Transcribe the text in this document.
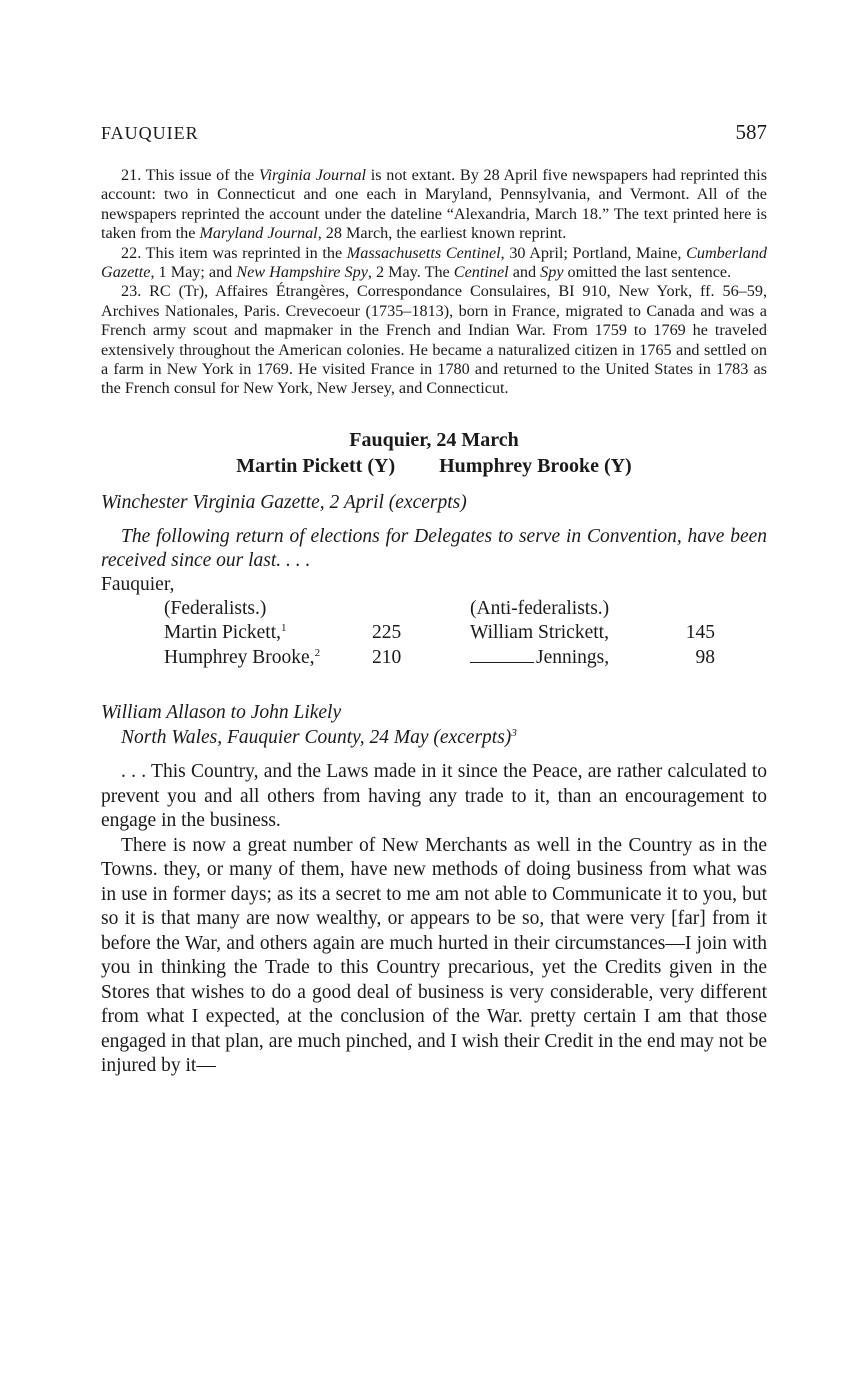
FAUQUIER	587

21. This issue of the Virginia Journal is not extant. By 28 April five newspapers had reprinted this account: two in Connecticut and one each in Maryland, Pennsylvania, and Vermont. All of the newspapers reprinted the account under the dateline “Alexandria, March 18.” The text printed here is taken from the Maryland Journal, 28 March, the earliest known reprint.

22. This item was reprinted in the Massachusetts Centinel, 30 April; Portland, Maine, Cumberland Gazette, 1 May; and New Hampshire Spy, 2 May. The Centinel and Spy omitted the last sentence.

23. RC (Tr), Affaires Étrangères, Correspondance Consulaires, BI 910, New York, ff. 56–59, Archives Nationales, Paris. Crevecoeur (1735–1813), born in France, migrated to Canada and was a French army scout and mapmaker in the French and Indian War. From 1759 to 1769 he traveled extensively throughout the American colonies. He became a naturalized citizen in 1765 and settled on a farm in New York in 1769. He visited France in 1780 and returned to the United States in 1783 as the French consul for New York, New Jersey, and Connecticut.

Fauquier, 24 March
Martin Pickett (Y) Humphrey Brooke (Y)
Winchester Virginia Gazette, 2 April (excerpts)
The following return of elections for Delegates to serve in Convention, have been received since our last. . . .
Fauquier,
(Federalists.)		(Anti-federalists.)	
Martin Pickett,$^1$	225	William Strickett,	145
Humphrey Brooke,$^2$	210	Jennings,	98
William Allason to John Likely
North Wales, Fauquier County, 24 May (excerpts)$^3$

. . . This Country, and the Laws made in it since the Peace, are rather calculated to prevent you and all others from having any trade to it, than an encouragement to engage in the business.

There is now a great number of New Merchants as well in the Country as in the Towns. they, or many of them, have new methods of doing business from what was in use in former days; as its a secret to me am not able to Communicate it to you, but so it is that many are now wealthy, or appears to be so, that were very [far] from it before the War, and others again are much hurted in their circumstances—I join with you in thinking the Trade to this Country precarious, yet the Credits given in the Stores that wishes to do a good deal of business is very considerable, very different from what I expected, at the conclusion of the War. pretty certain I am that those engaged in that plan, are much pinched, and I wish their Credit in the end may not be injured by it—
